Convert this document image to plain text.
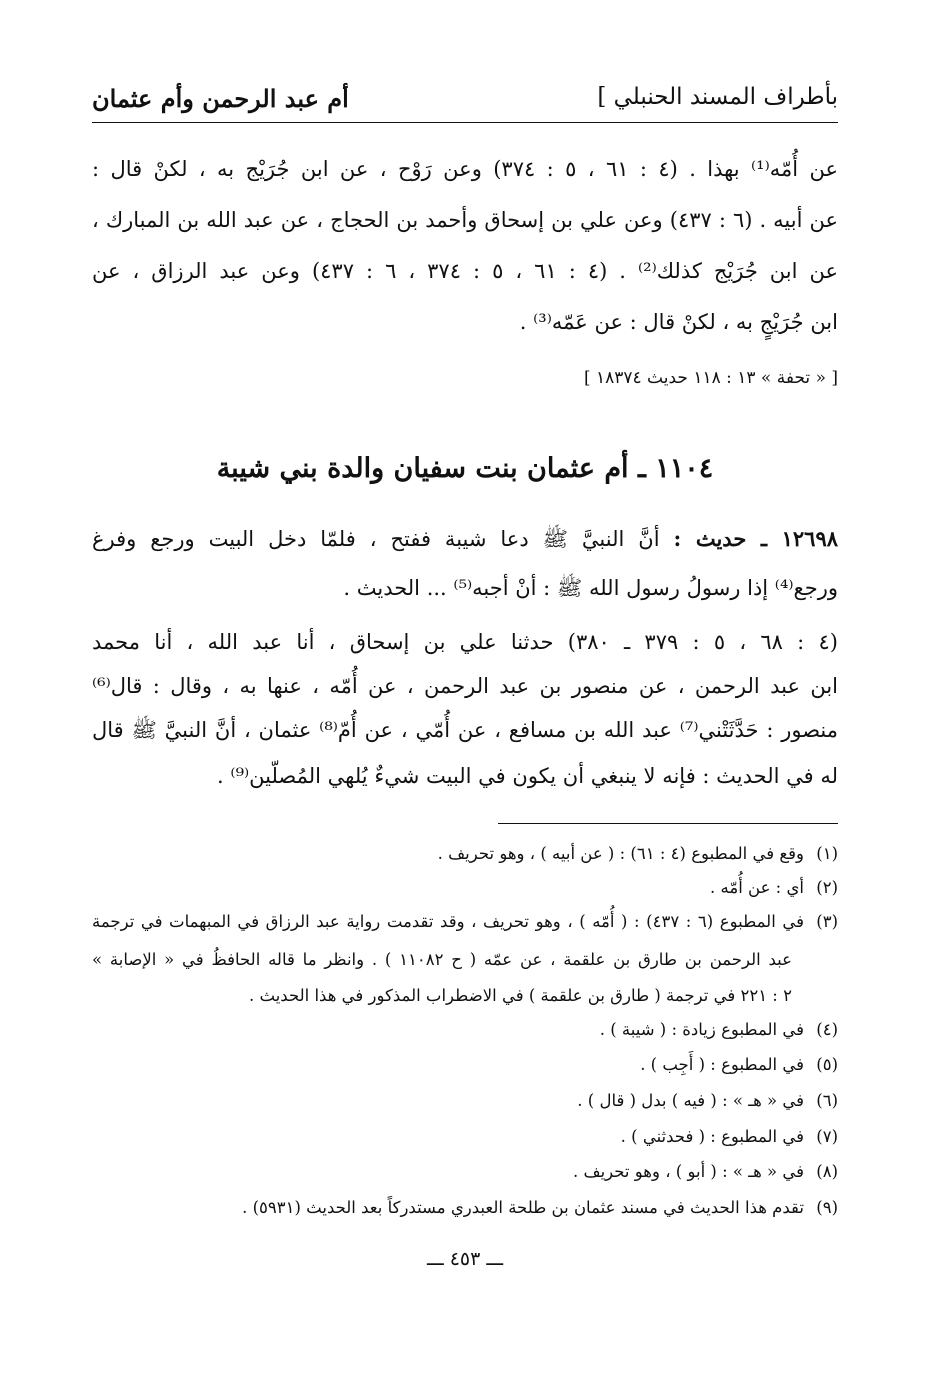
بأطراف المسند الحنبلي ]
أم عبد الرحمن وأم عثمان
عن أُمّه⁽¹⁾ بهذا . (٤ : ٦١ ، ٥ : ٣٧٤) وعن رَوْح ، عن ابن جُرَيْج به ، لكنْ قال :
عن أبيه . (٦ : ٤٣٧) وعن علي بن إسحاق وأحمد بن الحجاج ، عن عبد الله بن المبارك ،
عن ابن جُرَيْج كذلك⁽²⁾ . (٤ : ٦١ ، ٥ : ٣٧٤ ، ٦ : ٤٣٧) وعن عبد الرزاق ، عن
ابن جُرَيْجٍ به ، لكنْ قال : عن عَمّه⁽³⁾ .
[ « تحفة » ١٣ : ١١٨ حديث ١٨٣٧٤ ]
١١٠٤ ـ أم عثمان بنت سفيان والدة بني شيبة
١٢٦٩٨ ـ حديث : أنَّ النبيَّ ﷺ دعا شيبة ففتح ، فلمّا دخل البيت ورجع وفرغ
ورجع⁽⁴⁾ إذا رسولُ رسول الله ﷺ : أنْ أجبه⁽⁵⁾ ... الحديث .
(٤ : ٦٨ ، ٥ : ٣٧٩ ـ ٣٨٠) حدثنا علي بن إسحاق ، أنا عبد الله ، أنا محمد
ابن عبد الرحمن ، عن منصور بن عبد الرحمن ، عن أُمّه ، عنها به ، وقال : قال⁽⁶⁾
منصور : حَدَّثَتْني⁽⁷⁾ عبد الله بن مسافع ، عن أُمّي ، عن أُمّ⁽⁸⁾ عثمان ، أنَّ النبيَّ ﷺ قال
له في الحديث : فإنه لا ينبغي أن يكون في البيت شيءٌ يُلهي المُصلّين⁽⁹⁾ .
(١)وقع في المطبوع (٤ : ٦١) : ( عن أبيه ) ، وهو تحريف .
(٢)أي : عن أُمّه .
(٣)في المطبوع (٦ : ٤٣٧) : ( أُمّه ) ، وهو تحريف ، وقد تقدمت رواية عبد الرزاق في المبهمات في ترجمة
عبد الرحمن بن طارق بن علقمة ، عن عمّه ( ح ١١٠٨٢ ) . وانظر ما قاله الحافظُ في « الإصابة »
٢ : ٢٢١ في ترجمة ( طارق بن علقمة ) في الاضطراب المذكور في هذا الحديث .
(٤)في المطبوع زيادة : ( شيبة ) .
(٥)في المطبوع : ( أَجِب ) .
(٦)في « هـ » : ( فيه ) بدل ( قال ) .
(٧)في المطبوع : ( فحدثني ) .
(٨)في « هـ » : ( أبو ) ، وهو تحريف .
(٩)تقدم هذا الحديث في مسند عثمان بن طلحة العبدري مستدركاً بعد الحديث (٥٩٣١) .
ـــ ٤٥٣ ـــ
